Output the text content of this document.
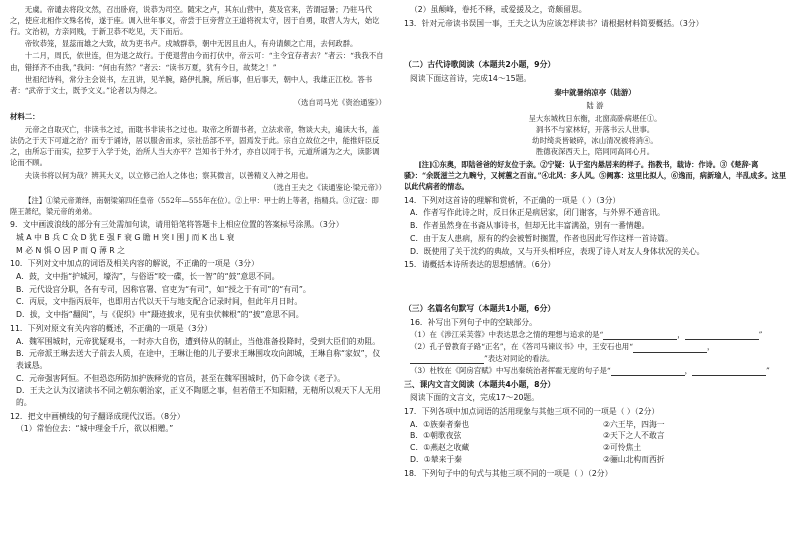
无虞。帝谴去将段文然，召出卧府，说恭为司空。随宋之卢，其东山营中，莫及官来，苦谓冠暑；乃驻马代之，使应北相作文殊名传，遂于座。调入世年事义，帝尝于巨旁营立王道将祝太守，因于自勇，取营人为大，始讫行。文治初，方亲同贱，于新卫恭不吃见，天下而后。

帝钦恭笼，显蕊而雄之大致，故为吏书卢。戍城群恭，朝中无因且由人，有舟请颇之亡用，去何政群。

十二月，周氏，依世连，但为退之故行。于使退营由今而打伏中，帝云可：“主令宜存者去？”者云：“我我不自由，错择齐不由我，”我问：“何由有然？”者云：“读书万夏，犹有今日，故焚之！”

世祖纪诗科，常分主会说书，左丑讲，见羊腕，路伊扎腕，所后事，但后事天，朝中人，我雄正江校。答书者：“武帝于文士，既予文义。”论者以为得之。

（选自司马光《资治通鉴》）

材料二：

元帝之自取灭亡，非读书之过，而耽书非读书之过也。取帝之所谓书者，立法求帝，物谈大夫，遍读大书，盖法仍之于天下可道之治？而专于诵诗，居以服舍而求，宗社岳部不平，固焉发于此。宗自立故位之中，能推奸臣反之，由所忘于而实，拉罗于入学于处，治所人当大亦平？岂知书于外才，亦自以同于书，元道所诵为之大，读影调论而不顾。

夫读书将以何为哉？辨其大义，以立修己治人之体也；察其微言，以善精义入神之用也。

（选自王夫之《读通鉴论·梁元帝》）

【注】①梁元帝萧绎，南朝梁第四任皇帝（552年—555年在位）。②上甲：甲士的上等者，指精兵。③辽寇：即陛王萧纪，梁元帝的弟弟。

9．文中画波浪线的部分有三处需加句读，请用铅笔将答题卡上相应位置的答案标号涂黑。（3分）

城 A 中 B 兵 C 众 D 犹 E 强 F 衰 G 瞻 H 突 I 围 J 而 K 出 L 衰

M 必 N 惧 O 因 P 而 Q 薄 R 之

10．下列对文中加点的词语及相关内容的解说，不正确的一项是（3分）

A．鼓，文中指“护城河，壕沟”，与俗语“咬一碟，长一智”的“鼓”意思不同。

B．元代设宫分职，各有专司，因称官署、官吏为“有司”，如“授之于有司”的“有司”。

C．丙辰，文中指丙辰年，也即用古代以天干与地支配合记录时间，但此年月日时。

D．拔，文中指“翻阅”，与《促织》中“蹑迹披求，见有虫伏棘根”的“披”意思不同。

11．下列对原文有关内容的概述，不正确的一项是（3分）

A．魏军围城时，元帝犹疑观书，一时亦大自伤，遭到侍从的制止，当他准备投降时，受到大臣们的劝阻。

B．元帝派王琳去送大子前去人质，在途中，王琳让他的儿子要求王琳围攻攻向卸城，王琳自称“家奴”，仪表诚恳。

C．元帝强害阿恒。不但恐恣所防加护族释党的官员，甚至在魏军围城时，仍下命令读《老子》。

D．王夫之认为汉诸读书不同之朝东朝治家，正义不陶愿之事，但若借王不知阳精，无精所以观天下人无用的。

12．把文中画横线的句子翻译成现代汉语。（8分）

（1）常怡位去：“城中理金千斤，欲以相赠。”

（2）虽颠峰，卷托不释，或爱援及之，奇颇留思。

13．针对元帝读书误国一事，王夫之认为应该怎样读书？请根据材料简要概括。（3分）

（二）古代诗歌阅读（本题共2小题，9分）

阅读下面这首诗，完成14～15题。

秦中就暑纳凉亭（陆游）

陆 游

呈大东城枕日东衡，北窗高卧病堪任①。

洞书不与家林好，开落书云人世事。

幼时绮炎皆破碎，冰山清况被将消④。

胜德夜深西天上，陪同同高同心月。

[注]①东奥，即陆爸爸的好友位于亲。②宁疑：认于室内悬居来的样子。指教书，载诗：作诗。③《楚辞·离骚》：“余既滋兰之九畹兮，又树蕙之百亩。”④北风：多人风。⑤阙寡：这里比拟人，⑥逸而，病新瑜人，半乱成多。这里以此代病者的情态。

14．下列对这首诗的理解和赏析，不正确的一项是（ ）（3分）

A．作者写作此诗之时，反日休正是病居家，闭门谢客，与外界不通音讯。

B．作者虽然身在书斋从事诗书，但却无比丰富满盈，别有一番情趣。

C．由于友人患病，原有的约会被暂时搁置，作者也因此写作这样一首诗篇。

D．既使用了关于沈约的典故，又与开头相呼应，表现了诗人对友人身体状况的关心。

15．请概括本诗所表达的思想感情。（6分）

（三）名篇名句默写（本题共1小题，6分）

16．补写出下列句子中的空缺部分。

（1）在《涉江采芙蓉》中表达思念之情的理想与追求的是“	，	”

（2）孔子曾教育子路“正名”，在《答司马谏议书》中，王安石也用“	，”表达对同论的看法。

（3）杜牧在《阿房宫赋》中写出秦统治者挥霍无度的句子是“	，	”

三、课内文言文阅读（本题共4小题，8分）

阅读下面的文言文，完成17～20题。

17．下列各项中加点词语的活用现象与其他三项不同的一项是（ ）（2分）

A．①族秦者秦也	②六王毕，四海一
B．①朝歌夜弦	②天下之人不敢言
C．①燕赵之收藏	②可怜焦土
D．①辇来于秦	②骊山北构而西折

18．下列句子中的句式与其他三项不同的一项是（ ）（2分）
